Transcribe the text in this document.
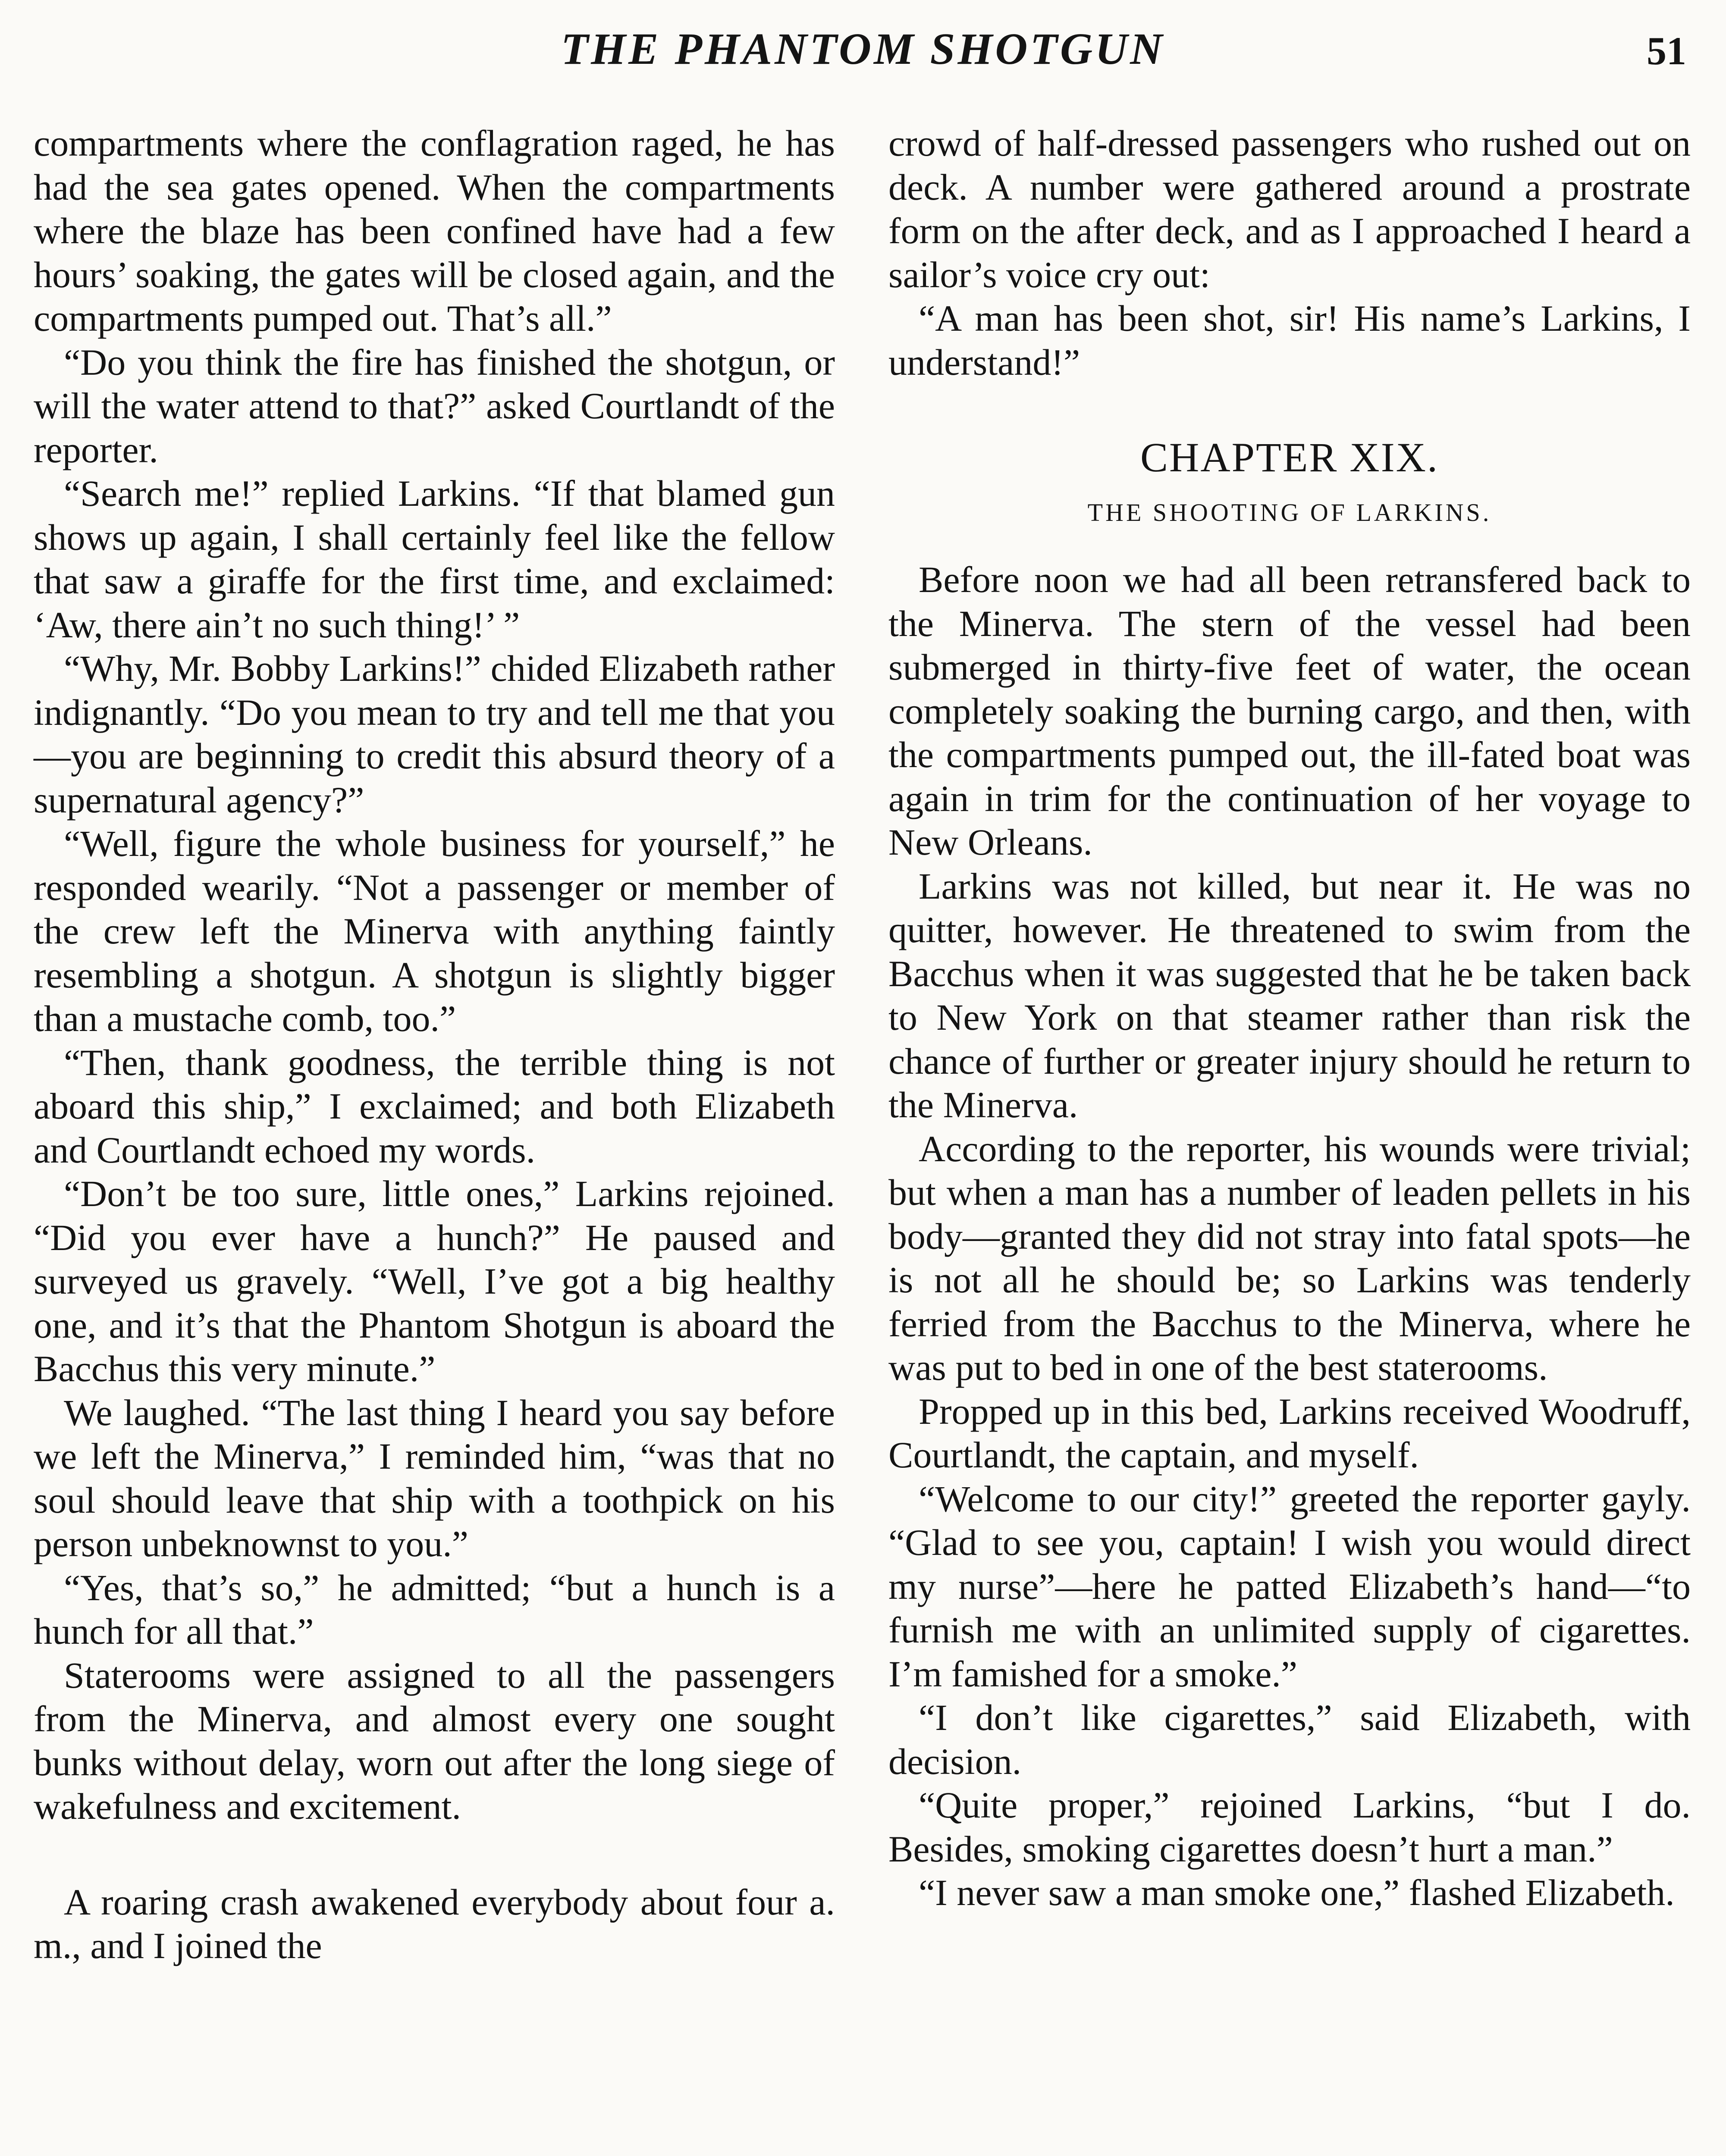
THE PHANTOM SHOTGUN	51

compartments where the conflagration raged, he has had the sea gates opened. When the compartments where the blaze has been confined have had a few hours’ soaking, the gates will be closed again, and the compartments pumped out. That’s all.”

“Do you think the fire has finished the shotgun, or will the water attend to that?” asked Courtlandt of the reporter.

“Search me!” replied Larkins. “If that blamed gun shows up again, I shall certainly feel like the fellow that saw a giraffe for the first time, and exclaimed: ‘Aw, there ain’t no such thing!’ ”

“Why, Mr. Bobby Larkins!” chided Elizabeth rather indignantly. “Do you mean to try and tell me that you—you are beginning to credit this absurd theory of a supernatural agency?”

“Well, figure the whole business for yourself,” he responded wearily. “Not a passenger or member of the crew left the Minerva with anything faintly resembling a shotgun. A shotgun is slightly bigger than a mustache comb, too.”

“Then, thank goodness, the terrible thing is not aboard this ship,” I exclaimed; and both Elizabeth and Courtlandt echoed my words.

“Don’t be too sure, little ones,” Larkins rejoined. “Did you ever have a hunch?” He paused and surveyed us gravely. “Well, I’ve got a big healthy one, and it’s that the Phantom Shotgun is aboard the Bacchus this very minute.”

We laughed. “The last thing I heard you say before we left the Minerva,” I reminded him, “was that no soul should leave that ship with a toothpick on his person unbeknownst to you.”

“Yes, that’s so,” he admitted; “but a hunch is a hunch for all that.”

Staterooms were assigned to all the passengers from the Minerva, and almost every one sought bunks without delay, worn out after the long siege of wakefulness and excitement.

A roaring crash awakened everybody about four a. m., and I joined the

crowd of half-dressed passengers who rushed out on deck. A number were gathered around a prostrate form on the after deck, and as I approached I heard a sailor’s voice cry out:

“A man has been shot, sir! His name’s Larkins, I understand!”

CHAPTER XIX.
THE SHOOTING OF LARKINS.

Before noon we had all been retransfered back to the Minerva. The stern of the vessel had been submerged in thirty-five feet of water, the ocean completely soaking the burning cargo, and then, with the compartments pumped out, the ill-fated boat was again in trim for the continuation of her voyage to New Orleans.

Larkins was not killed, but near it. He was no quitter, however. He threatened to swim from the Bacchus when it was suggested that he be taken back to New York on that steamer rather than risk the chance of further or greater injury should he return to the Minerva.

According to the reporter, his wounds were trivial; but when a man has a number of leaden pellets in his body—granted they did not stray into fatal spots—he is not all he should be; so Larkins was tenderly ferried from the Bacchus to the Minerva, where he was put to bed in one of the best staterooms.

Propped up in this bed, Larkins received Woodruff, Courtlandt, the captain, and myself.

“Welcome to our city!” greeted the reporter gayly. “Glad to see you, captain! I wish you would direct my nurse”—here he patted Elizabeth’s hand—“to furnish me with an unlimited supply of cigarettes. I’m famished for a smoke.”

“I don’t like cigarettes,” said Elizabeth, with decision.

“Quite proper,” rejoined Larkins, “but I do. Besides, smoking cigarettes doesn’t hurt a man.”

“I never saw a man smoke one,” flashed Elizabeth.
